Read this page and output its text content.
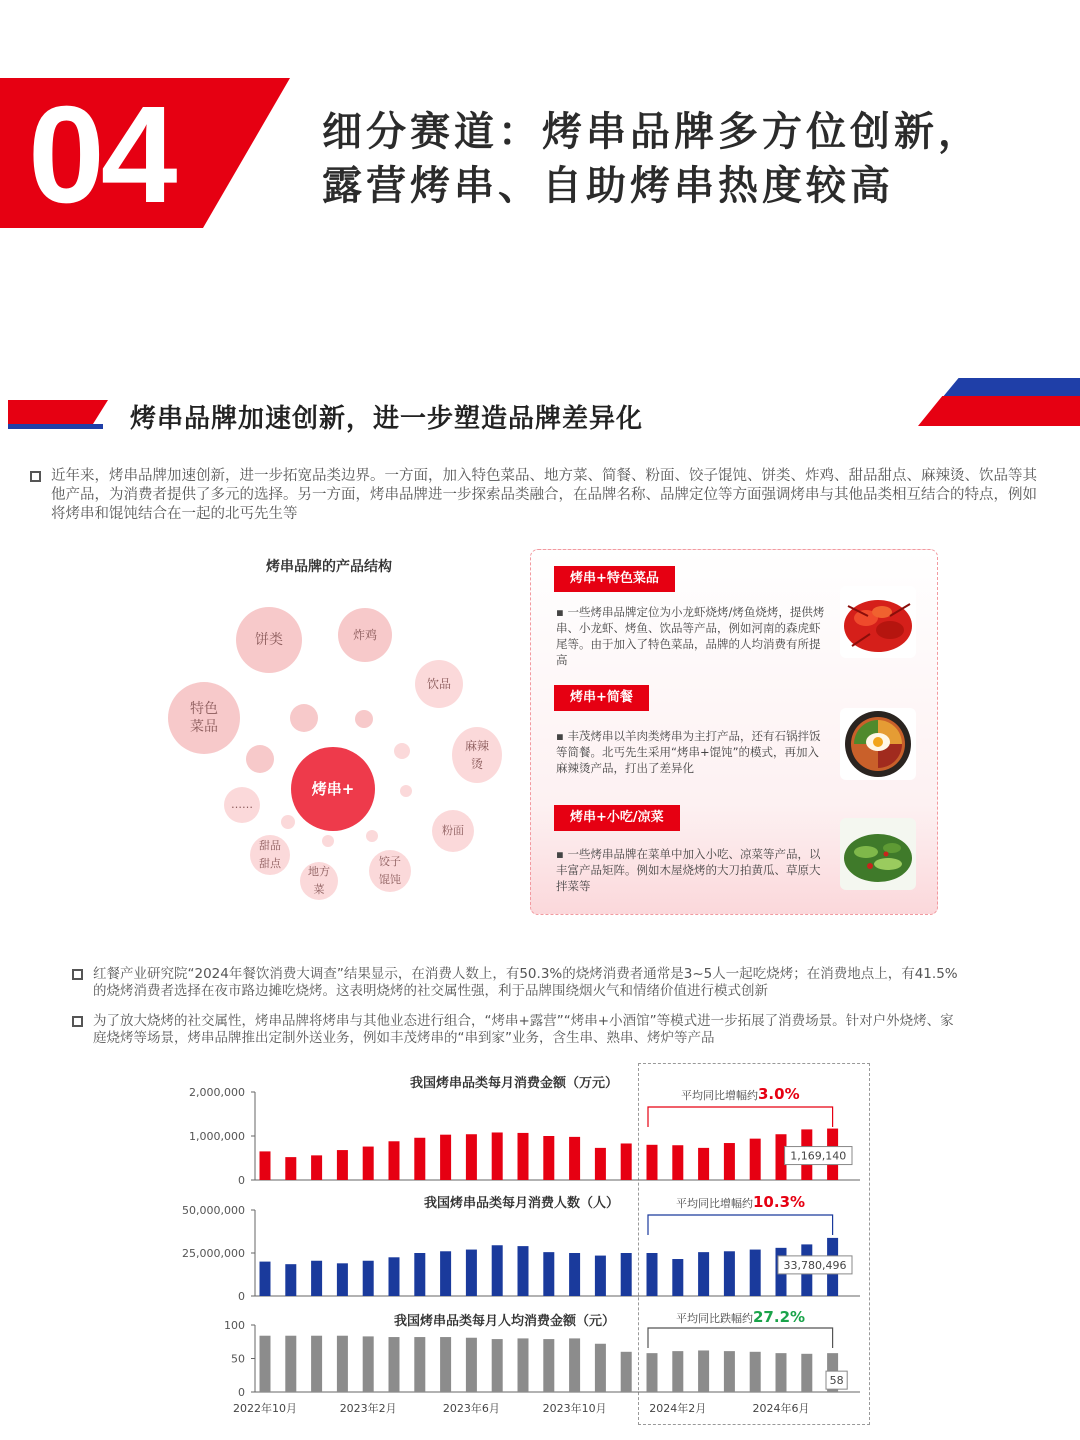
04	细分赛道：烤串品牌多方位创新，
露营烤串、自助烤串热度较高
烤串品牌加速创新，进一步塑造品牌差异化
近年来，烤串品牌加速创新，进一步拓宽品类边界。一方面，加入特色菜品、地方菜、简餐、粉面、饺子馄饨、饼类、炸鸡、甜品甜点、麻辣烫、饮品等其他产品，为消费者提供了多元的选择。另一方面，烤串品牌进一步探索品类融合，在品牌名称、品牌定位等方面强调烤串与其他品类相互结合的特点，例如将烤串和馄饨结合在一起的北丐先生等
烤串品牌的产品结构
饼类	炸鸡
饮品
特色菜品
麻辣烫
粉面
饺子馄饨
地方菜
甜品甜点
……
烤串+
烤串+特色菜品
▪ 一些烤串品牌定位为小龙虾烧烤/烤鱼烧烤，提供烤串、小龙虾、烤鱼、饮品等产品，例如河南的森虎虾尾等。由于加入了特色菜品，品牌的人均消费有所提高
烤串+简餐
▪ 丰茂烤串以羊肉类烤串为主打产品，还有石锅拌饭等简餐。北丐先生采用“烤串+馄饨”的模式，再加入麻辣烫产品，打出了差异化
烤串+小吃/凉菜
▪ 一些烤串品牌在菜单中加入小吃、凉菜等产品，以丰富产品矩阵。例如木屋烧烤的大刀拍黄瓜、草原大拌菜等
红餐产业研究院“2024年餐饮消费大调查”结果显示，在消费人数上，有50.3%的烧烤消费者通常是3~5人一起吃烧烤；在消费地点上，有41.5%的烧烤消费者选择在夜市路边摊吃烧烤。这表明烧烤的社交属性强，利于品牌围绕烟火气和情绪价值进行模式创新
为了放大烧烤的社交属性，烤串品牌将烤串与其他业态进行组合，“烤串+露营”“烤串+小酒馆”等模式进一步拓展了消费场景。针对户外烧烤、家庭烧烤等场景，烤串品牌推出定制外送业务，例如丰茂烤串的“串到家”业务，含生串、熟串、烤炉等产品
我国烤串品类每月消费金额（万元）
我国烤串品类每月消费人数（人）
我国烤串品类每月人均消费金额（元）
平均同比增幅约3.0%
平均同比增幅约10.3%
平均同比跌幅约27.2%
2,000,000
1,000,000
0
1,169,140
50,000,000
25,000,000
0
33,780,496
100
50
0
58
2022年10月	2023年2月	2023年6月	2023年10月	2024年2月	2024年6月
